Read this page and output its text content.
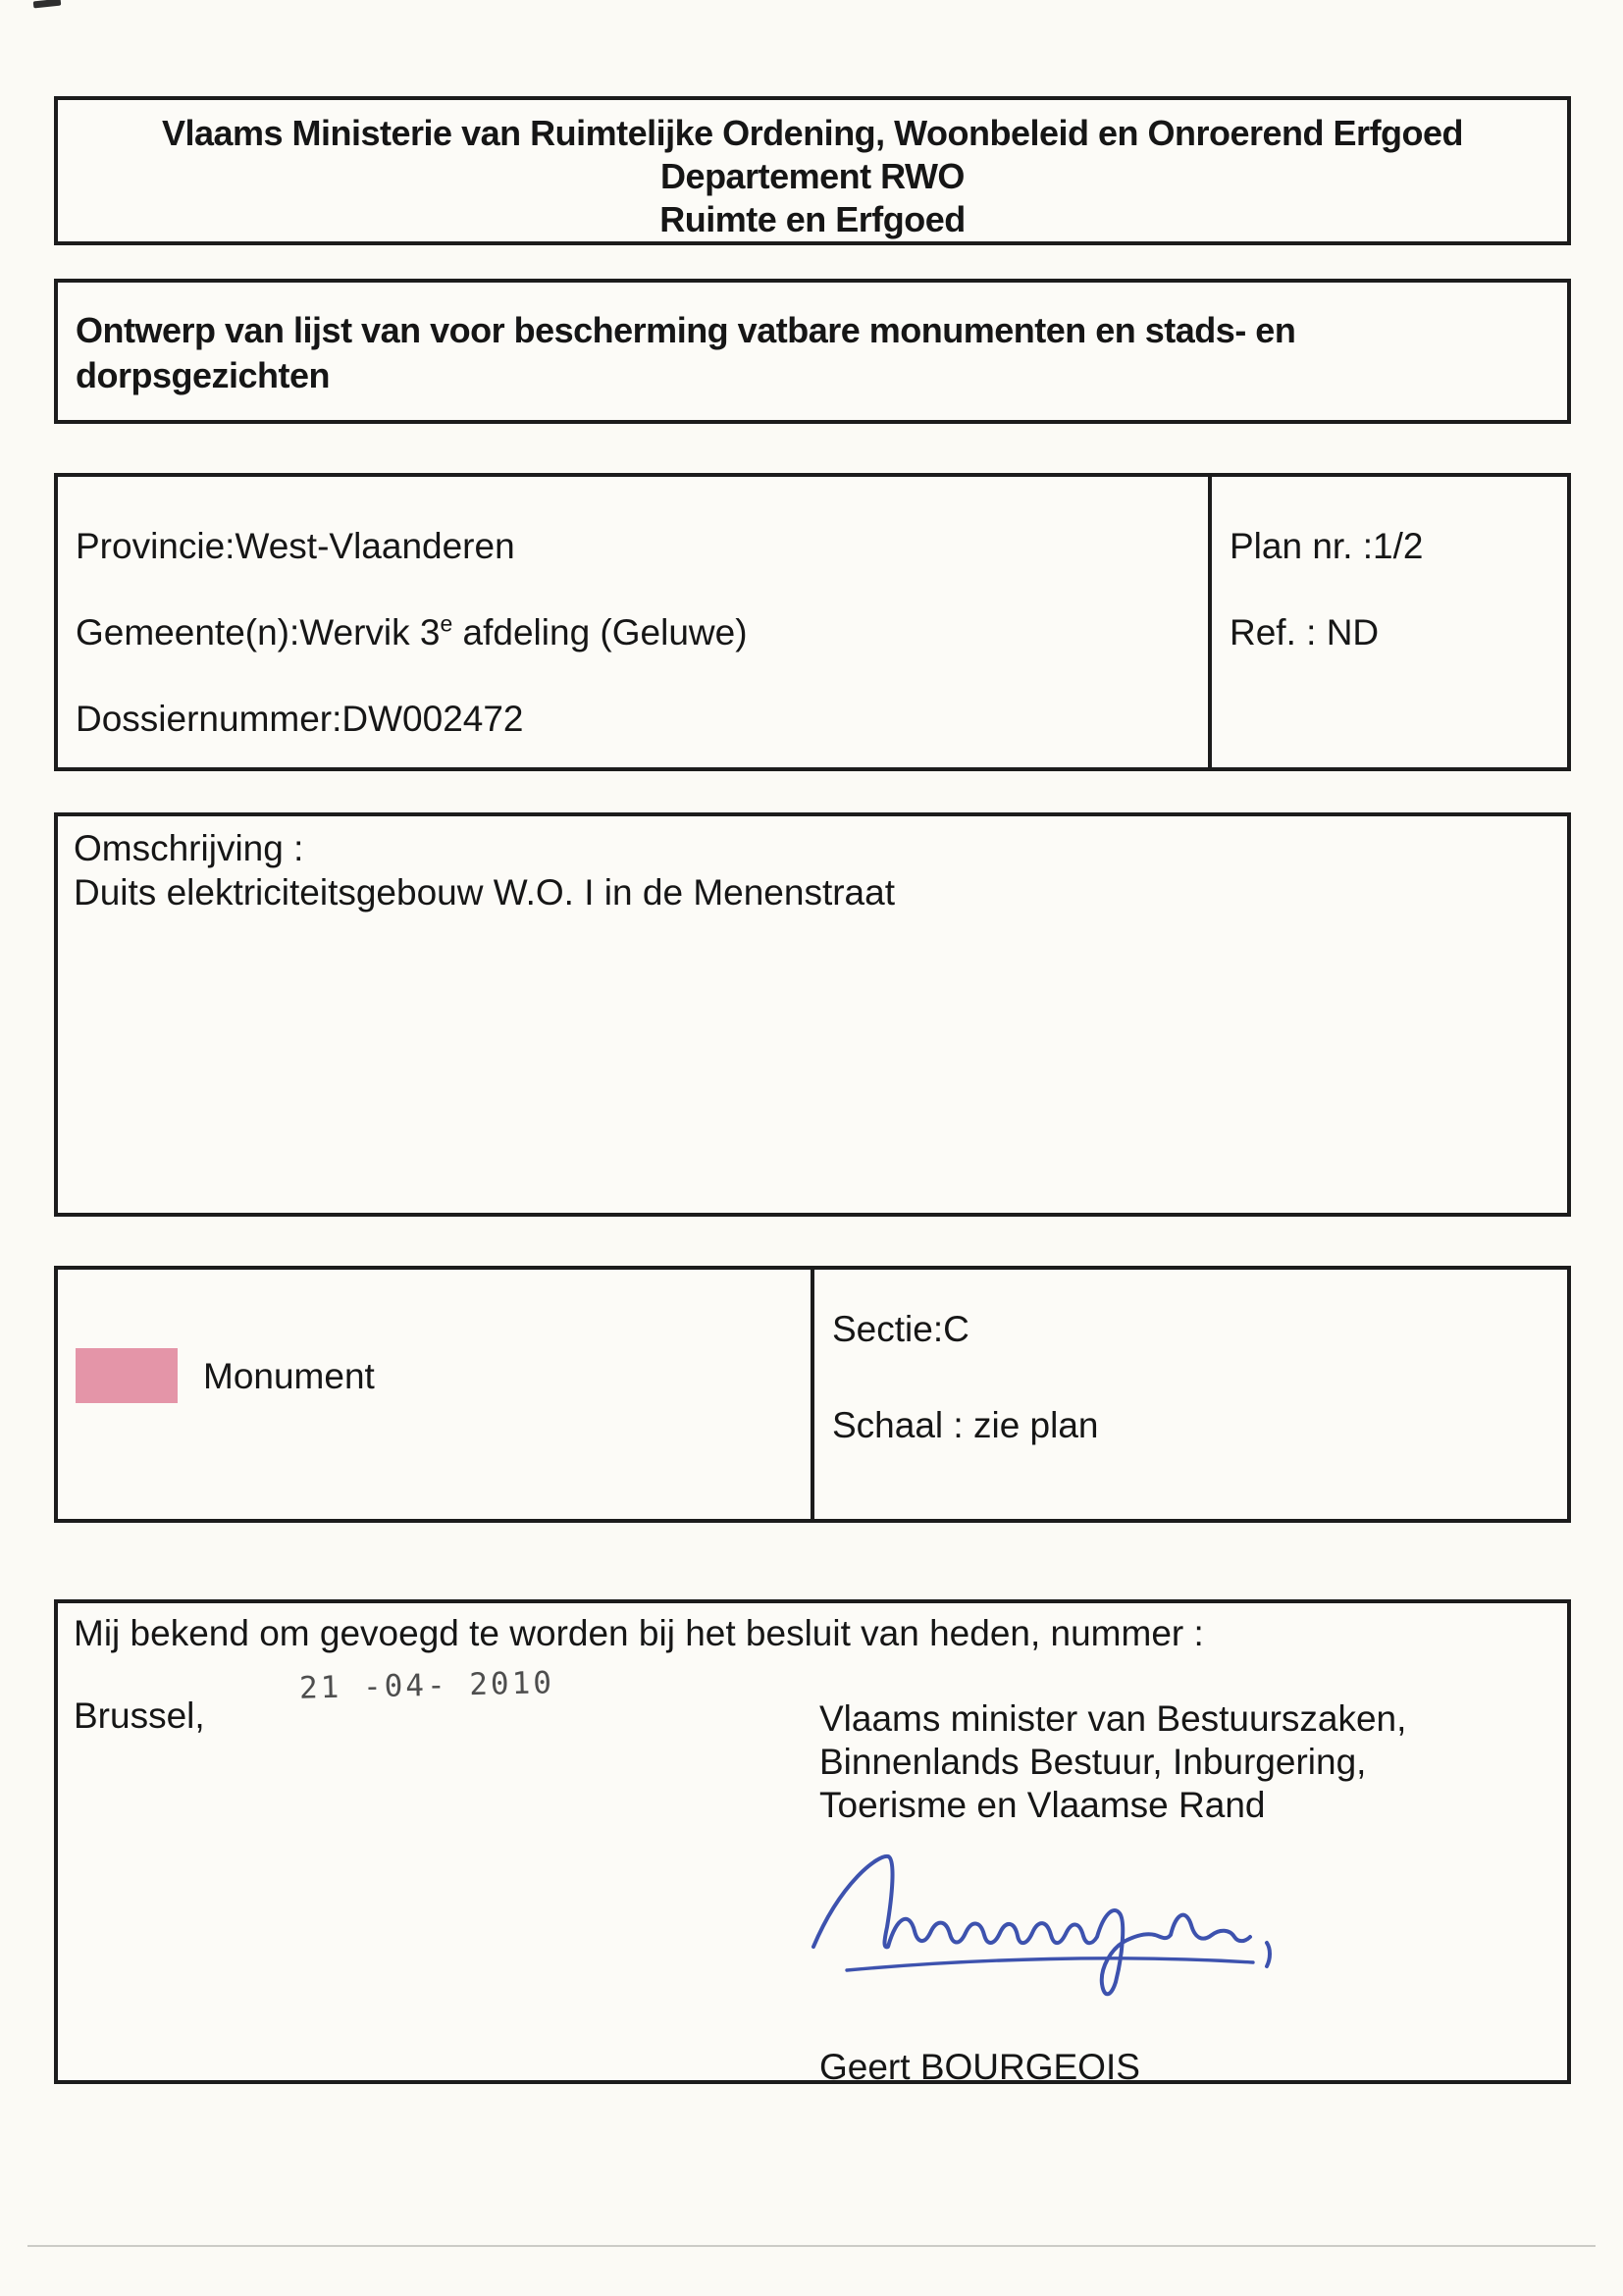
Vlaams Ministerie van Ruimtelijke Ordening, Woonbeleid en Onroerend Erfgoed
Departement RWO
Ruimte en Erfgoed
Ontwerp van lijst van voor bescherming vatbare monumenten en stads- en dorpsgezichten
Provincie:West-Vlaanderen
Gemeente(n):Wervik 3e afdeling (Geluwe)
Dossiernummer:DW002472
Plan nr. :1/2
Ref. : ND
Omschrijving :
Duits elektriciteitsgebouw W.O. I in de Menenstraat
Monument
Sectie:C
Schaal : zie plan
Mij bekend om gevoegd te worden bij het besluit van heden, nummer :
Brussel,
21 -04- 2010
Vlaams minister van Bestuurszaken,
Binnenlands Bestuur, Inburgering,
Toerisme en Vlaamse Rand
Geert BOURGEOIS
